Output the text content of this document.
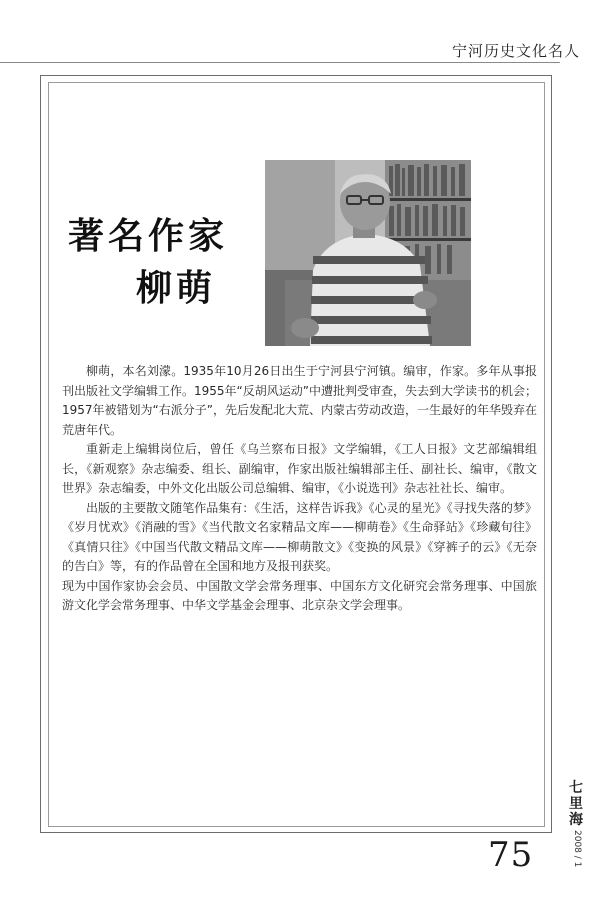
宁河历史文化名人
著名作家
柳萌

柳萌，本名刘濛。1935年10月26日出生于宁河县宁河镇。编审，作家。多年从事报刊出版社文学编辑工作。1955年“反胡风运动”中遭批判受审查，失去到大学读书的机会；1957年被错划为“右派分子”，先后发配北大荒、内蒙古劳动改造，一生最好的年华毁弃在荒唐年代。

重新走上编辑岗位后，曾任《乌兰察布日报》文学编辑，《工人日报》文艺部编辑组长，《新观察》杂志编委、组长、副编审，作家出版社编辑部主任、副社长、编审，《散文世界》杂志编委，中外文化出版公司总编辑、编审，《小说选刊》杂志社社长、编审。

出版的主要散文随笔作品集有：《生活，这样告诉我》《心灵的星光》《寻找失落的梦》《岁月忧欢》《消融的雪》《当代散文名家精品文库——柳萌卷》《生命驿站》《珍藏旬往》《真情只往》《中国当代散文精品文库——柳萌散文》《变换的风景》《穿裤子的云》《无奈的告白》等，有的作品曾在全国和地方及报刊获奖。

现为中国作家协会会员、中国散文学会常务理事、中国东方文化研究会常务理事、中国旅游文化学会常务理事、中华文学基金会理事、北京杂文学会理事。

七里海
2008 / 1
75
